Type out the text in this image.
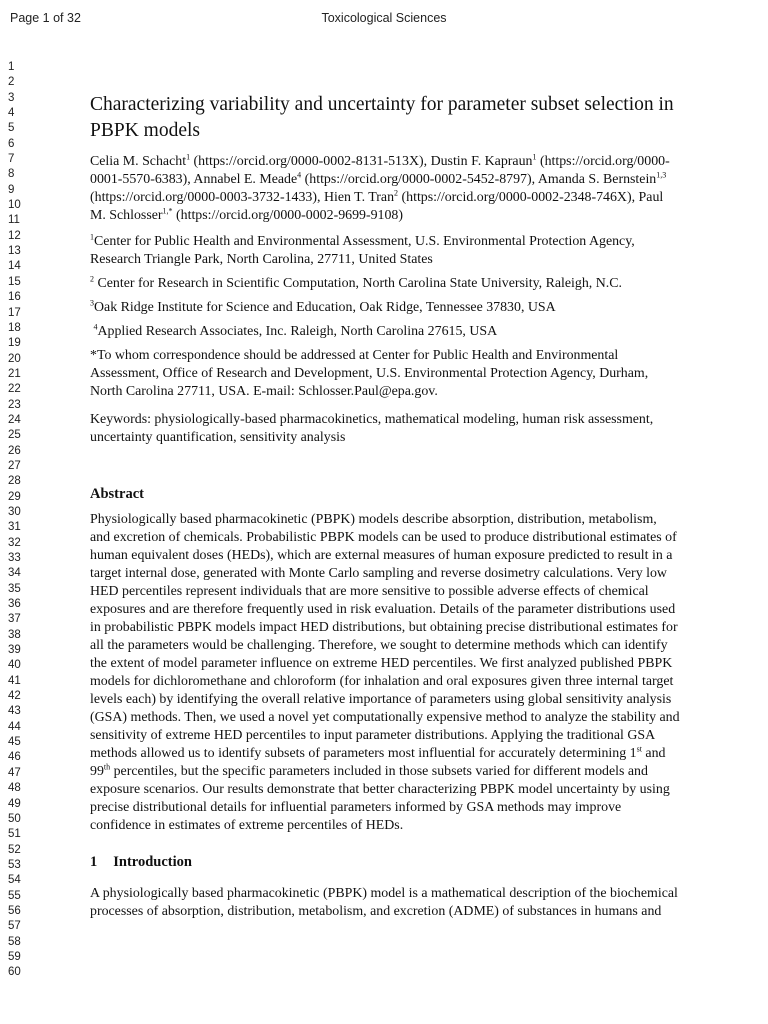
Page 1 of 32	Toxicological Sciences
1
2
3
4
5
6
7
8
9
10
11
12
13
14
15
16
17
18
19
20
21
22
23
24
25
26
27
28
29
30
31
32
33
34
35
36
37
38
39
40
41
42
43
44
45
46
47
48
49
50
51
52
53
54
55
56
57
58
59
60
Characterizing variability and uncertainty for parameter subset selection in PBPK models

Celia M. Schacht$^1$ (https://orcid.org/0000-0002-8131-513X), Dustin F. Kapraun$^1$ (https://orcid.org/0000-0001-5570-6383), Annabel E. Meade$^4$ (https://orcid.org/0000-0002-5452-8797), Amanda S. Bernstein$^{1,3}$ (https://orcid.org/0000-0003-3732-1433), Hien T. Tran$^2$ (https://orcid.org/0000-0002-2348-746X), Paul M. Schlosser$^{1,*}$ (https://orcid.org/0000-0002-9699-9108)

$^1$Center for Public Health and Environmental Assessment, U.S. Environmental Protection Agency, Research Triangle Park, North Carolina, 27711, United States

$^2$ Center for Research in Scientific Computation, North Carolina State University, Raleigh, N.C.

$^3$Oak Ridge Institute for Science and Education, Oak Ridge, Tennessee 37830, USA

$^4$Applied Research Associates, Inc. Raleigh, North Carolina 27615, USA

*To whom correspondence should be addressed at Center for Public Health and Environmental Assessment, Office of Research and Development, U.S. Environmental Protection Agency, Durham, North Carolina 27711, USA. E-mail: Schlosser.Paul@epa.gov.

Keywords: physiologically-based pharmacokinetics, mathematical modeling, human risk assessment, uncertainty quantification, sensitivity analysis

Abstract

Physiologically based pharmacokinetic (PBPK) models describe absorption, distribution, metabolism, and excretion of chemicals. Probabilistic PBPK models can be used to produce distributional estimates of human equivalent doses (HEDs), which are external measures of human exposure predicted to result in a target internal dose, generated with Monte Carlo sampling and reverse dosimetry calculations. Very low HED percentiles represent individuals that are more sensitive to possible adverse effects of chemical exposures and are therefore frequently used in risk evaluation. Details of the parameter distributions used in probabilistic PBPK models impact HED distributions, but obtaining precise distributional estimates for all the parameters would be challenging. Therefore, we sought to determine methods which can identify the extent of model parameter influence on extreme HED percentiles. We first analyzed published PBPK models for dichloromethane and chloroform (for inhalation and oral exposures given three internal target levels each) by identifying the overall relative importance of parameters using global sensitivity analysis (GSA) methods. Then, we used a novel yet computationally expensive method to analyze the stability and sensitivity of extreme HED percentiles to input parameter distributions. Applying the traditional GSA methods allowed us to identify subsets of parameters most influential for accurately determining 1st and 99th percentiles, but the specific parameters included in those subsets varied for different models and exposure scenarios. Our results demonstrate that better characterizing PBPK model uncertainty by using precise distributional details for influential parameters informed by GSA methods may improve confidence in estimates of extreme percentiles of HEDs.

1 Introduction

A physiologically based pharmacokinetic (PBPK) model is a mathematical description of the biochemical processes of absorption, distribution, metabolism, and excretion (ADME) of substances in humans and
